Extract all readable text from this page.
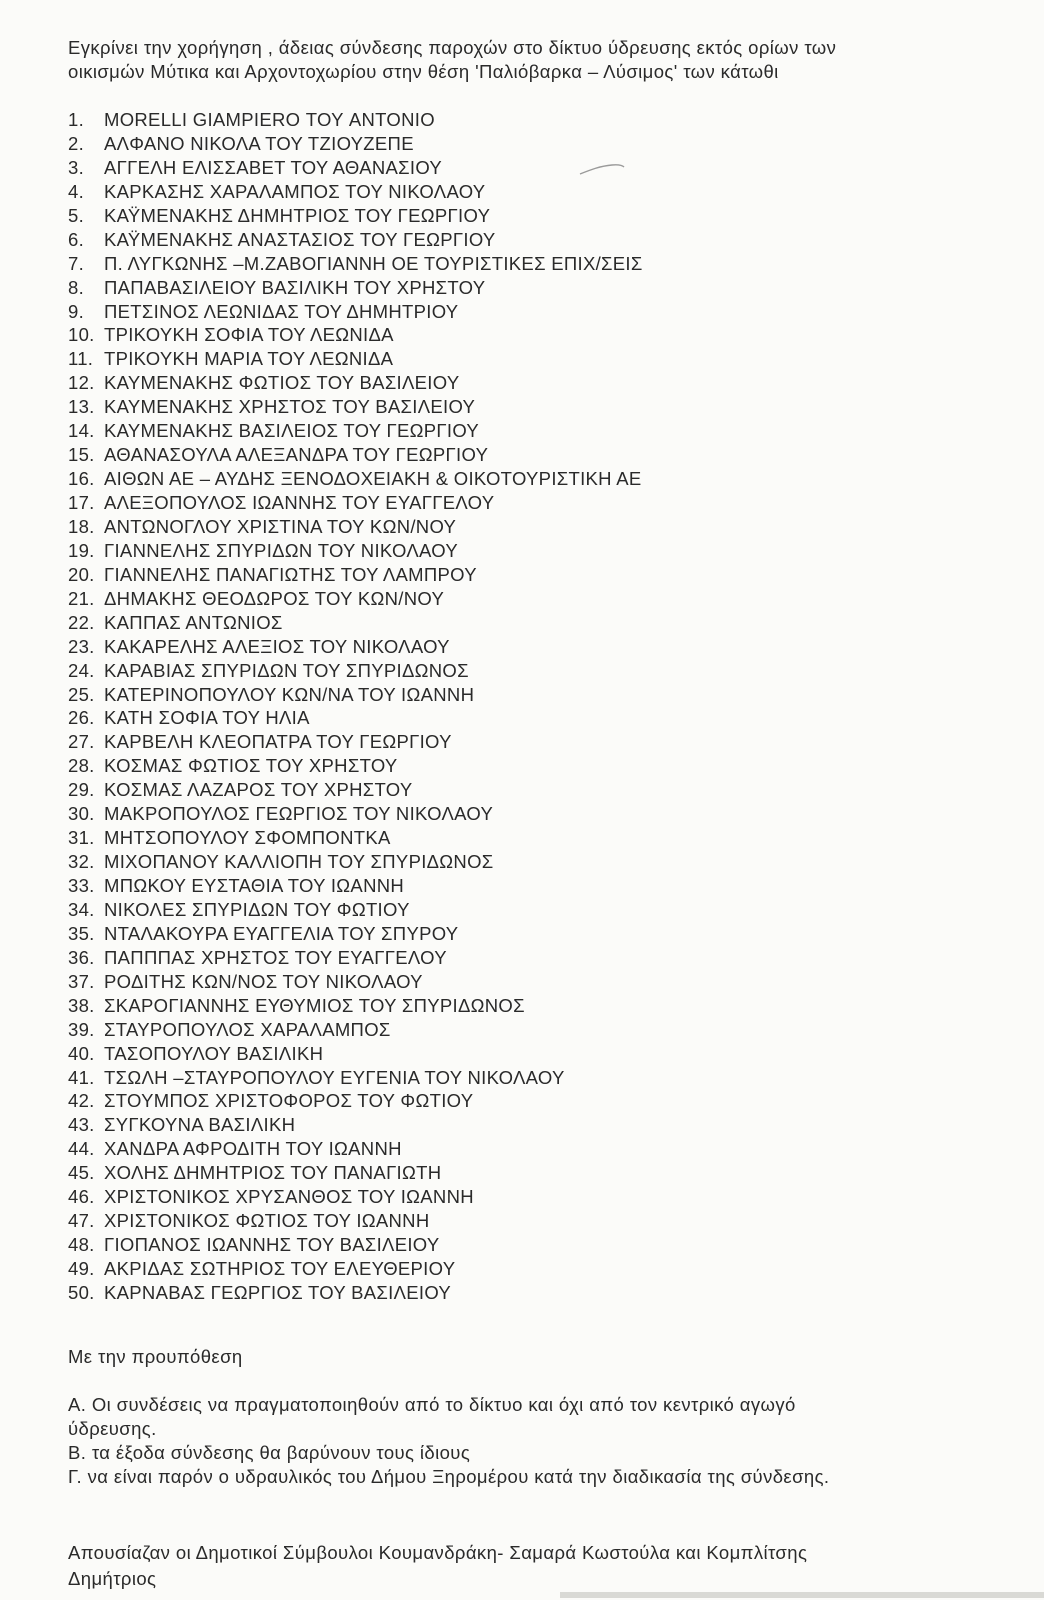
Εγκρίνει την χορήγηση , άδειας σύνδεσης παροχών στο δίκτυο ύδρευσης εκτός ορίων των

οικισμών Μύτικα και Αρχοντοχωρίου στην θέση 'Παλιόβαρκα – Λύσιμος' των κάτωθι

1. MORELLI GIAMPIERO ΤΟΥ ANTONIO
2. ΑΛΦΑΝΟ ΝΙΚΟΛΑ ΤΟΥ ΤΖΙΟΥΖΕΠΕ
3. ΑΓΓΕΛΗ ΕΛΙΣΣΑΒΕΤ ΤΟΥ ΑΘΑΝΑΣΙΟΥ
4. ΚΑΡΚΑΣΗΣ ΧΑΡΑΛΑΜΠΟΣ ΤΟΥ ΝΙΚΟΛΑΟΥ
5. ΚΑΫΜΕΝΑΚΗΣ ΔΗΜΗΤΡΙΟΣ ΤΟΥ ΓΕΩΡΓΙΟΥ
6. ΚΑΫΜΕΝΑΚΗΣ ΑΝΑΣΤΑΣΙΟΣ ΤΟΥ ΓΕΩΡΓΙΟΥ
7. Π. ΛΥΓΚΩΝΗΣ –Μ.ΖΑΒΟΓΙΑΝΝΗ ΟΕ ΤΟΥΡΙΣΤΙΚΕΣ ΕΠΙΧ/ΣΕΙΣ
8. ΠΑΠΑΒΑΣΙΛΕΙΟΥ ΒΑΣΙΛΙΚΗ ΤΟΥ ΧΡΗΣΤΟΥ
9. ΠΕΤΣΙΝΟΣ ΛΕΩΝΙΔΑΣ ΤΟΥ ΔΗΜΗΤΡΙΟΥ
10. ΤΡΙΚΟΥΚΗ ΣΟΦΙΑ ΤΟΥ ΛΕΩΝΙΔΑ
11. ΤΡΙΚΟΥΚΗ ΜΑΡΙΑ ΤΟΥ ΛΕΩΝΙΔΑ
12. ΚΑΥΜΕΝΑΚΗΣ ΦΩΤΙΟΣ ΤΟΥ ΒΑΣΙΛΕΙΟΥ
13. ΚΑΥΜΕΝΑΚΗΣ ΧΡΗΣΤΟΣ ΤΟΥ ΒΑΣΙΛΕΙΟΥ
14. ΚΑΥΜΕΝΑΚΗΣ ΒΑΣΙΛΕΙΟΣ ΤΟΥ ΓΕΩΡΓΙΟΥ
15. ΑΘΑΝΑΣΟΥΛΑ ΑΛΕΞΑΝΔΡΑ ΤΟΥ ΓΕΩΡΓΙΟΥ
16. ΑΙΘΩΝ ΑΕ – ΑΥΔΗΣ ΞΕΝΟΔΟΧΕΙΑΚΗ & ΟΙΚΟΤΟΥΡΙΣΤΙΚΗ ΑΕ
17. ΑΛΕΞΟΠΟΥΛΟΣ ΙΩΑΝΝΗΣ ΤΟΥ ΕΥΑΓΓΕΛΟΥ
18. ΑΝΤΩΝΟΓΛΟΥ ΧΡΙΣΤΙΝΑ ΤΟΥ ΚΩΝ/ΝΟΥ
19. ΓΙΑΝΝΕΛΗΣ ΣΠΥΡΙΔΩΝ ΤΟΥ ΝΙΚΟΛΑΟΥ
20. ΓΙΑΝΝΕΛΗΣ ΠΑΝΑΓΙΩΤΗΣ ΤΟΥ ΛΑΜΠΡΟΥ
21. ΔΗΜΑΚΗΣ ΘΕΟΔΩΡΟΣ ΤΟΥ ΚΩΝ/ΝΟΥ
22. ΚΑΠΠΑΣ ΑΝΤΩΝΙΟΣ
23. ΚΑΚΑΡΕΛΗΣ ΑΛΕΞΙΟΣ ΤΟΥ ΝΙΚΟΛΑΟΥ
24. ΚΑΡΑΒΙΑΣ ΣΠΥΡΙΔΩΝ ΤΟΥ ΣΠΥΡΙΔΩΝΟΣ
25. ΚΑΤΕΡΙΝΟΠΟΥΛΟΥ ΚΩΝ/ΝΑ ΤΟΥ ΙΩΑΝΝΗ
26. ΚΑΤΗ ΣΟΦΙΑ ΤΟΥ ΗΛΙΑ
27. ΚΑΡΒΕΛΗ ΚΛΕΟΠΑΤΡΑ ΤΟΥ ΓΕΩΡΓΙΟΥ
28. ΚΟΣΜΑΣ ΦΩΤΙΟΣ ΤΟΥ ΧΡΗΣΤΟΥ
29. ΚΟΣΜΑΣ ΛΑΖΑΡΟΣ ΤΟΥ ΧΡΗΣΤΟΥ
30. ΜΑΚΡΟΠΟΥΛΟΣ ΓΕΩΡΓΙΟΣ ΤΟΥ ΝΙΚΟΛΑΟΥ
31. ΜΗΤΣΟΠΟΥΛΟΥ ΣΦΟΜΠΟΝΤΚΑ
32. ΜΙΧΟΠΑΝΟΥ ΚΑΛΛΙΟΠΗ ΤΟΥ ΣΠΥΡΙΔΩΝΟΣ
33. ΜΠΩΚΟΥ ΕΥΣΤΑΘΙΑ ΤΟΥ ΙΩΑΝΝΗ
34. ΝΙΚΟΛΕΣ ΣΠΥΡΙΔΩΝ ΤΟΥ ΦΩΤΙΟΥ
35. ΝΤΑΛΑΚΟΥΡΑ ΕΥΑΓΓΕΛΙΑ ΤΟΥ ΣΠΥΡΟΥ
36. ΠΑΠΠΠΑΣ ΧΡΗΣΤΟΣ ΤΟΥ ΕΥΑΓΓΕΛΟΥ
37. ΡΟΔΙΤΗΣ ΚΩΝ/ΝΟΣ ΤΟΥ ΝΙΚΟΛΑΟΥ
38. ΣΚΑΡΟΓΙΑΝΝΗΣ ΕΥΘΥΜΙΟΣ ΤΟΥ ΣΠΥΡΙΔΩΝΟΣ
39. ΣΤΑΥΡΟΠΟΥΛΟΣ ΧΑΡΑΛΑΜΠΟΣ
40. ΤΑΣΟΠΟΥΛΟΥ ΒΑΣΙΛΙΚΗ
41. ΤΣΩΛΗ –ΣΤΑΥΡΟΠΟΥΛΟΥ ΕΥΓΕΝΙΑ ΤΟΥ ΝΙΚΟΛΑΟΥ
42. ΣΤΟΥΜΠΟΣ ΧΡΙΣΤΟΦΟΡΟΣ ΤΟΥ ΦΩΤΙΟΥ
43. ΣΥΓΚΟΥΝΑ ΒΑΣΙΛΙΚΗ
44. ΧΑΝΔΡΑ ΑΦΡΟΔΙΤΗ ΤΟΥ ΙΩΑΝΝΗ
45. ΧΟΛΗΣ ΔΗΜΗΤΡΙΟΣ ΤΟΥ ΠΑΝΑΓΙΩΤΗ
46. ΧΡΙΣΤΟΝΙΚΟΣ ΧΡΥΣΑΝΘΟΣ ΤΟΥ ΙΩΑΝΝΗ
47. ΧΡΙΣΤΟΝΙΚΟΣ ΦΩΤΙΟΣ ΤΟΥ ΙΩΑΝΝΗ
48. ΓΙΟΠΑΝΟΣ ΙΩΑΝΝΗΣ ΤΟΥ ΒΑΣΙΛΕΙΟΥ
49. ΑΚΡΙΔΑΣ ΣΩΤΗΡΙΟΣ ΤΟΥ ΕΛΕΥΘΕΡΙΟΥ
50. ΚΑΡΝΑΒΑΣ ΓΕΩΡΓΙΟΣ ΤΟΥ ΒΑΣΙΛΕΙΟΥ

Με την προυπόθεση

Α. Οι συνδέσεις να πραγματοποιηθούν από το δίκτυο και όχι από τον κεντρικό αγωγό

ύδρευσης.

Β. τα έξοδα σύνδεσης θα βαρύνουν τους ίδιους

Γ. να είναι παρόν ο υδραυλικός του Δήμου Ξηρομέρου κατά την διαδικασία της σύνδεσης.

Απουσίαζαν οι Δημοτικοί Σύμβουλοι Κουμανδράκη- Σαμαρά Κωστούλα και Κομπλίτσης
Δημήτριος
